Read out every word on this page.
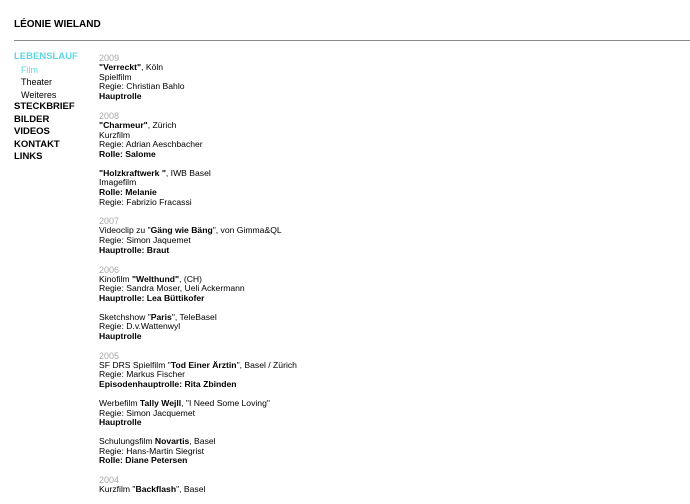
LÉONIE WIELAND
LEBENSLAUF
Film
Theater
Weiteres
STECKBRIEF
BILDER
VIDEOS
KONTAKT
LINKS
2009
"Verreckt", Köln
Spielfilm
Regie: Christian Bahlo
Hauptrolle
2008
"Charmeur", Zürich
Kurzfilm
Regie: Adrian Aeschbacher
Rolle: Salome
"Holzkraftwerk ", IWB Basel
Imagefilm
Rolle: Melanie
Regie: Fabrizio Fracassi
2007
Videoclip zu "Gäng wie Bäng", von Gimma&QL
Regie: Simon Jaquemet
Hauptrolle: Braut
2006
Kinofilm "Welthund", (CH)
Regie: Sandra Moser, Ueli Ackermann
Hauptrolle: Lea Büttikofer
Sketchshow "Paris", TeleBasel
Regie: D.v.Wattenwyl
Hauptrolle
2005
SF DRS Spielfilm "Tod Einer Ärztin", Basel / Zürich
Regie: Markus Fischer
Episodenhauptrolle: Rita Zbinden
Werbefilm Tally Wejll, "I Need Some Loving"
Regie: Simon Jacquemet
Hauptrolle
Schulungsfilm Novartis, Basel
Regie: Hans-Martin Siegrist
Rolle: Diane Petersen
2004
Kurzfilm "Backflash", Basel
